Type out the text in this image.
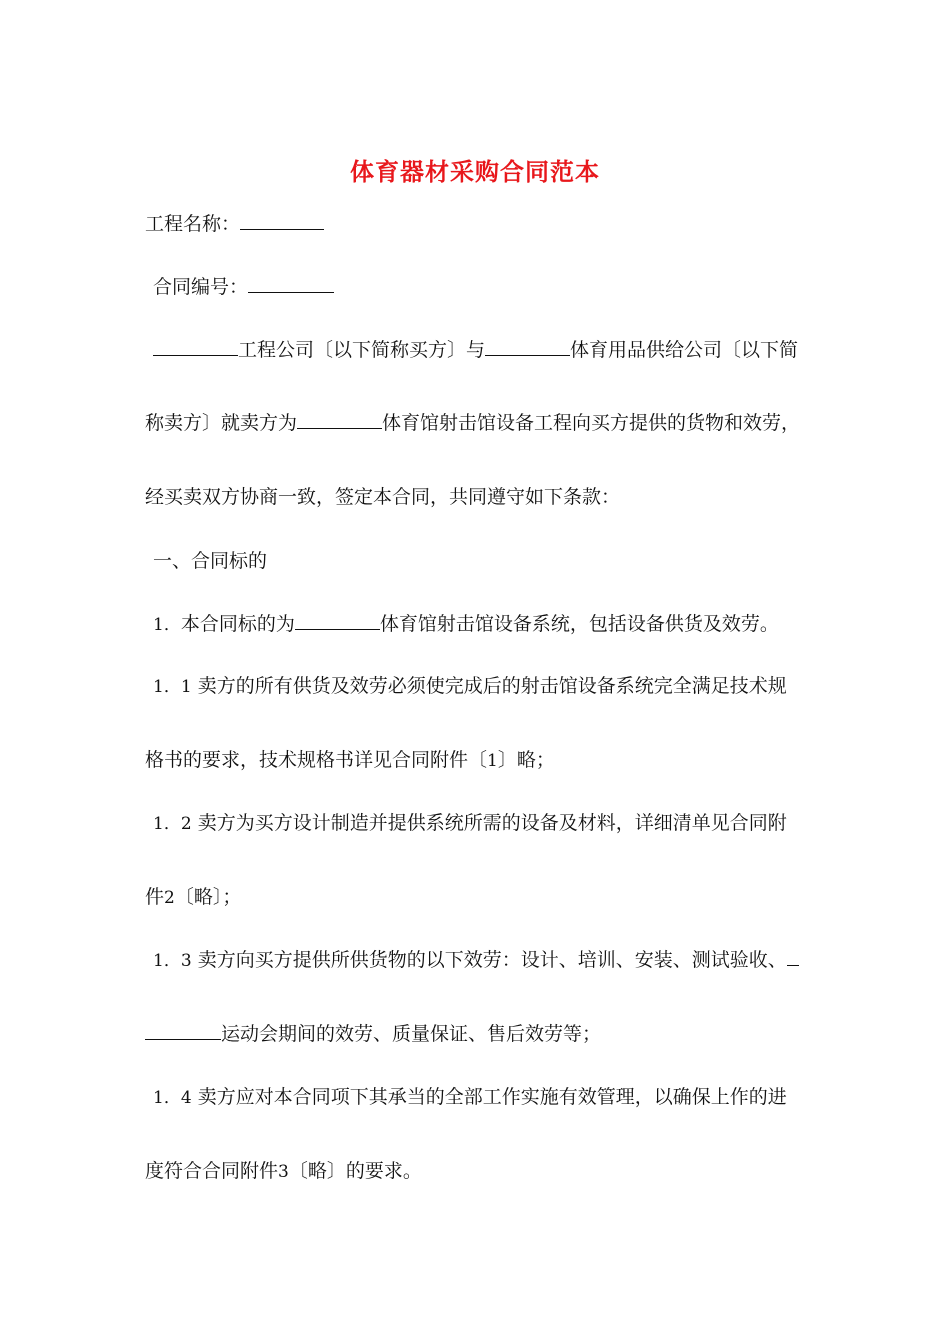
体育器材采购合同范本
工程名称：
合同编号：
工程公司〔以下简称买方〕与	体育用品供给公司〔以下简
称卖方〕就卖方为	体育馆射击馆设备工程向买方提供的货物和效劳，
经买卖双方协商一致，签定本合同，共同遵守如下条款：
一、合同标的
1．本合同标的为	体育馆射击馆设备系统，包括设备供货及效劳。
1．1 卖方的所有供货及效劳必须使完成后的射击馆设备系统完全满足技术规
格书的要求，技术规格书详见合同附件〔1〕略；
1．2 卖方为买方设计制造并提供系统所需的设备及材料，详细清单见合同附
件2〔略〕；
1．3 卖方向买方提供所供货物的以下效劳：设计、培训、安装、测试验收、
运动会期间的效劳、质量保证、售后效劳等；
1．4 卖方应对本合同项下其承当的全部工作实施有效管理，以确保上作的进
度符合合同附件3〔略〕的要求。
